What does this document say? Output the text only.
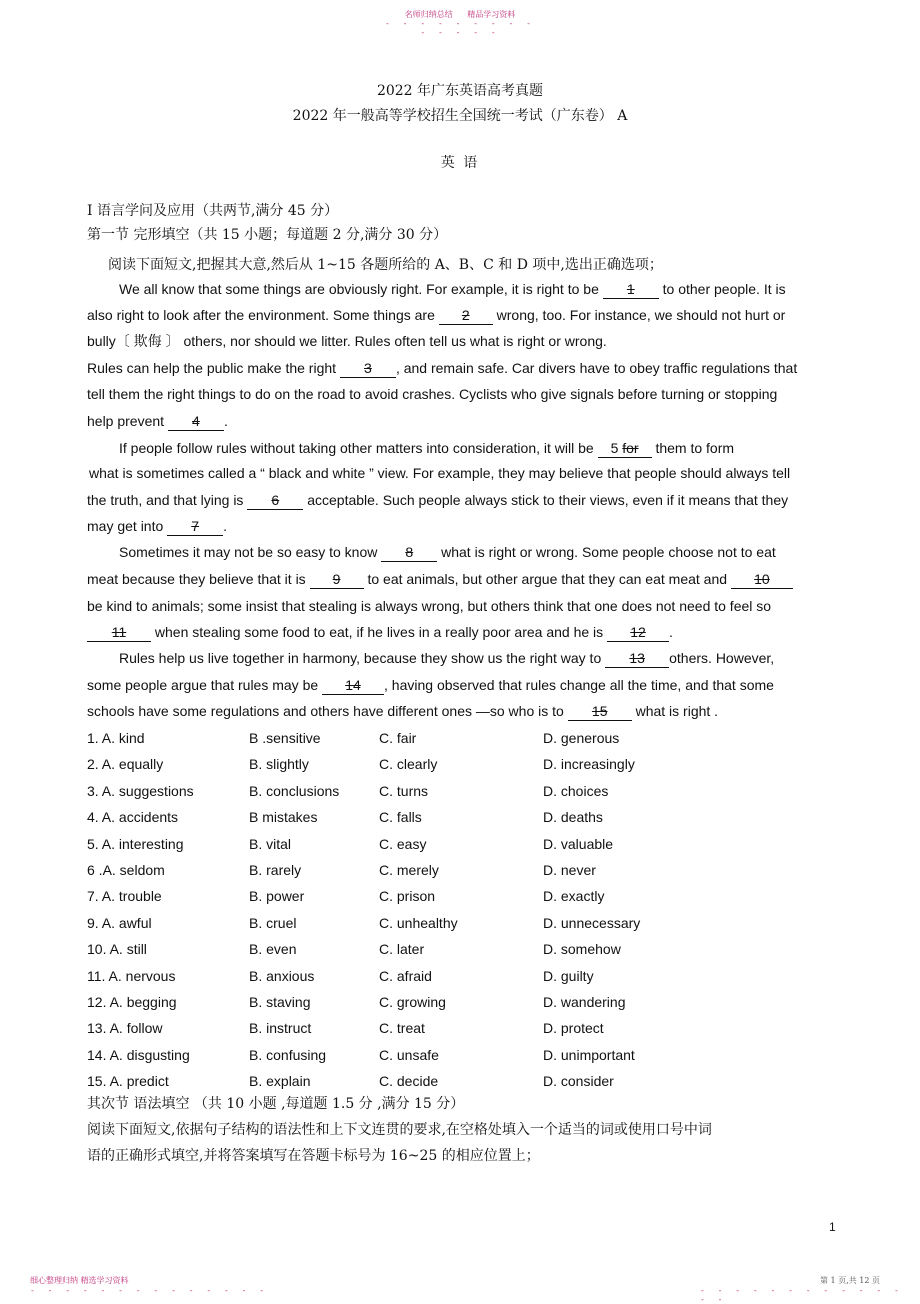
名师归纳总结 精品学习资料
- - - - - - - - -
- - - - -
2022 年广东英语高考真题
2022 年一般高等学校招生全国统一考试（广东卷） A
英 语
I 语言学问及应用（共两节,满分 45 分）
第一节 完形填空（共 15 小题；每道题 2 分,满分 30 分）
阅读下面短文,把握其大意,然后从 1~15 各题所给的 A、B、C 和 D 项中,选出正确选项；
We all know that some things are obviously right. For example, it is right to be 1 to other people. It is
also right to look after the environment. Some things are 2 wrong, too. For instance, we should not hurt or
bully〔 欺侮 〕 others, nor should we litter. Rules often tell us what is right or wrong.
Rules can help the public make the right 3 , and remain safe. Car divers have to obey traffic regulations that
tell them the right things to do on the road to avoid crashes. Cyclists who give signals before turning or stopping
help prevent 4 .
If people follow rules without taking other matters into consideration, it will be 5 for them to form
what is sometimes called a “ black and white ” view. For example, they may believe that people should always tell
the truth, and that lying is 6 acceptable. Such people always stick to their views, even if it means that they
may get into 7 .
Sometimes it may not be so easy to know 8 what is right or wrong. Some people choose not to eat
meat because they believe that it is 9 to eat animals, but other argue that they can eat meat and 10
be kind to animals; some insist that stealing is always wrong, but others think that one does not need to feel so
11 when stealing some food to eat, if he lives in a really poor area and he is 12 .
Rules help us live together in harmony, because they show us the right way to 13 others. However,
some people argue that rules may be 14 , having observed that rules change all the time, and that some
schools have some regulations and others have different ones —so who is to 15 what is right .
1. A. kind	B .sensitive	C. fair	D. generous
2. A. equally	B. slightly	C. clearly	D. increasingly
3. A. suggestions	B. conclusions	C. turns	D. choices
4. A. accidents	B mistakes	C. falls	D. deaths
5. A. interesting	B. vital	C. easy	D. valuable
6 .A. seldom	B. rarely	C. merely	D. never
7. A. trouble	B. power	C. prison	D. exactly
9. A. awful	B. cruel	C. unhealthy	D. unnecessary
10. A. still	B. even	C. later	D. somehow
11. A. nervous	B. anxious	C. afraid	D. guilty
12. A. begging	B. staving	C. growing	D. wandering
13. A. follow	B. instruct	C. treat	D. protect
14. A. disgusting	B. confusing	C. unsafe	D. unimportant
15. A. predict	B. explain	C. decide	D. consider
其次节 语法填空 （共 10 小题 ,每道题 1.5 分 ,满分 15 分）
阅读下面短文,依据句子结构的语法性和上下文连贯的要求,在空格处填入一个适当的词或使用口号中词
语的正确形式填空,并将答案填写在答题卡标号为 16~25 的相应位置上；
1
细心整理归纳 精选学习资料	第 1 页,共 12 页
- - - - - - - - - - - - - -	- - - - - - - - - - - - - -
